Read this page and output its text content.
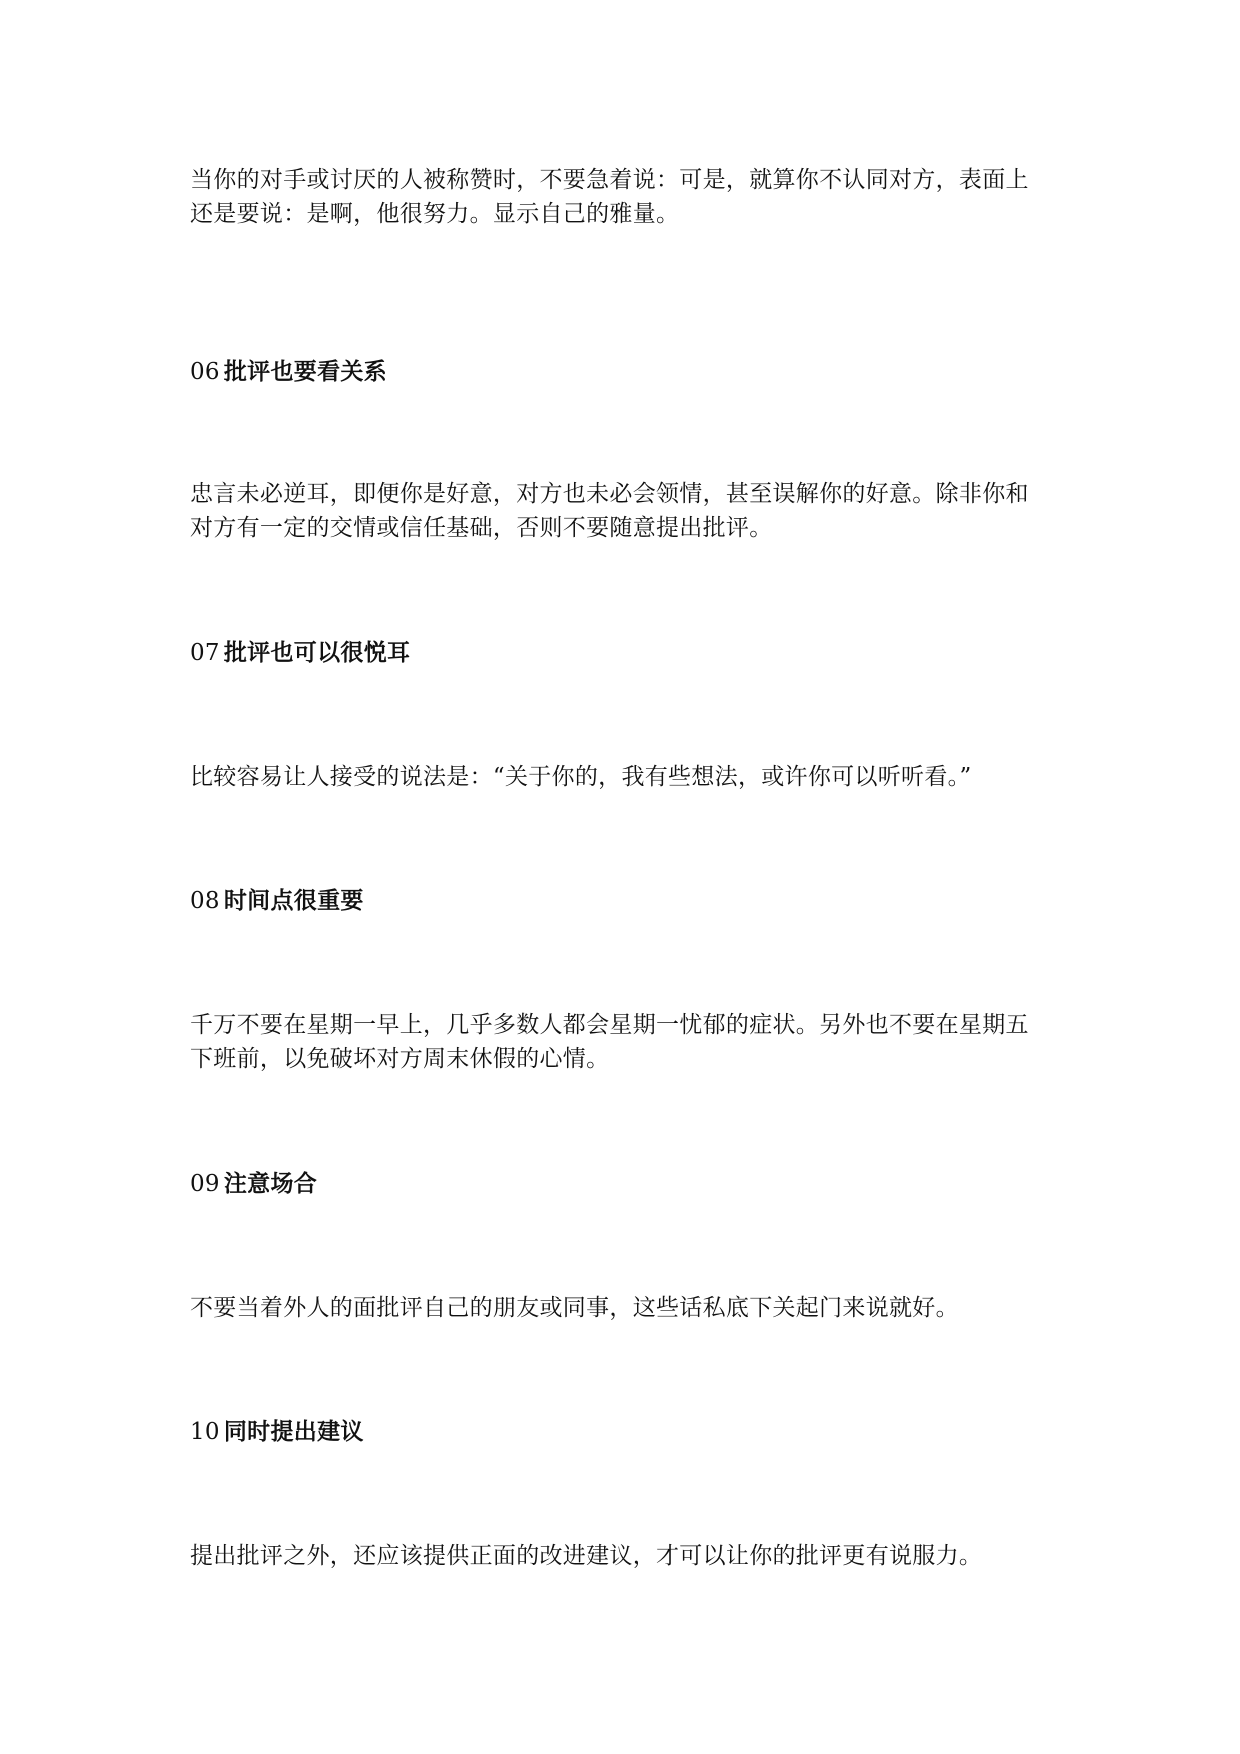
当你的对手或讨厌的人被称赞时，不要急着说：可是，就算你不认同对方，表面上
还是要说：是啊，他很努力。显示自己的雅量。
06 批评也要看关系
忠言未必逆耳，即便你是好意，对方也未必会领情，甚至误解你的好意。除非你和
对方有一定的交情或信任基础，否则不要随意提出批评。
07 批评也可以很悦耳
比较容易让人接受的说法是：“关于你的，我有些想法，或许你可以听听看。”
08 时间点很重要
千万不要在星期一早上，几乎多数人都会星期一忧郁的症状。另外也不要在星期五
下班前，以免破坏对方周末休假的心情。
09 注意场合
不要当着外人的面批评自己的朋友或同事，这些话私底下关起门来说就好。
10 同时提出建议
提出批评之外，还应该提供正面的改进建议，才可以让你的批评更有说服力。
